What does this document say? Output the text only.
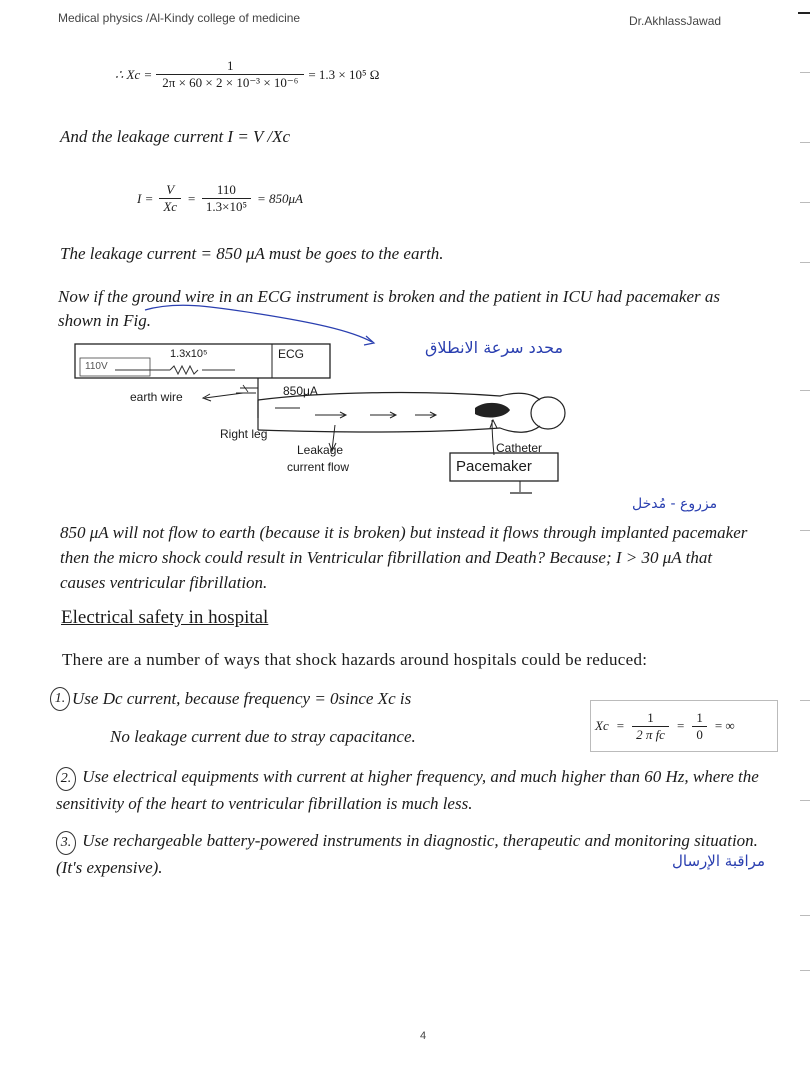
Medical physics /Al-Kindy college of medicine	Dr.AkhlassJawad
∴ $Xc = \frac{1}{\text{2π × 60 × 2 × 10⁻³ × 10⁻⁶}} = 1.3 \times 10^5$ Ω
And the leakage current I = V /Xc
$I = \frac{V}{Xc} = \frac{110}{\text{1.3×10⁵}} = 850\mu A$
The leakage current = 850 μA must be goes to the earth.
Now if the ground wire in an ECG instrument is broken and the patient in ICU had pacemaker as shown in Fig.
محدد سرعة الانطلاق
110V
1.3x10⁵	ECG
850μA
earth wire
Right leg
Leakage
current flow
Catheter
Pacemaker
مزروع - مُدخل
850 μA will not flow to earth (because it is broken) but instead it flows through implanted pacemaker then the micro shock could result in Ventricular fibrillation and Death? Because; I > 30 μA that causes ventricular fibrillation.
Electrical safety in hospital
There are a number of ways that shock hazards around hospitals could be reduced:
1. Use Dc current, because frequency = 0since Xc is
No leakage current due to stray capacitance.
$Xc = \frac{1}{\text{2 π fc}} = \frac{1}{0}$ = ∞
2. Use electrical equipments with current at higher frequency, and much higher than 60 Hz, where the sensitivity of the heart to ventricular fibrillation is much less.
3. Use rechargeable battery-powered instruments in diagnostic, therapeutic and monitoring situation. (It's expensive).	مراقبة الإرسال
4
